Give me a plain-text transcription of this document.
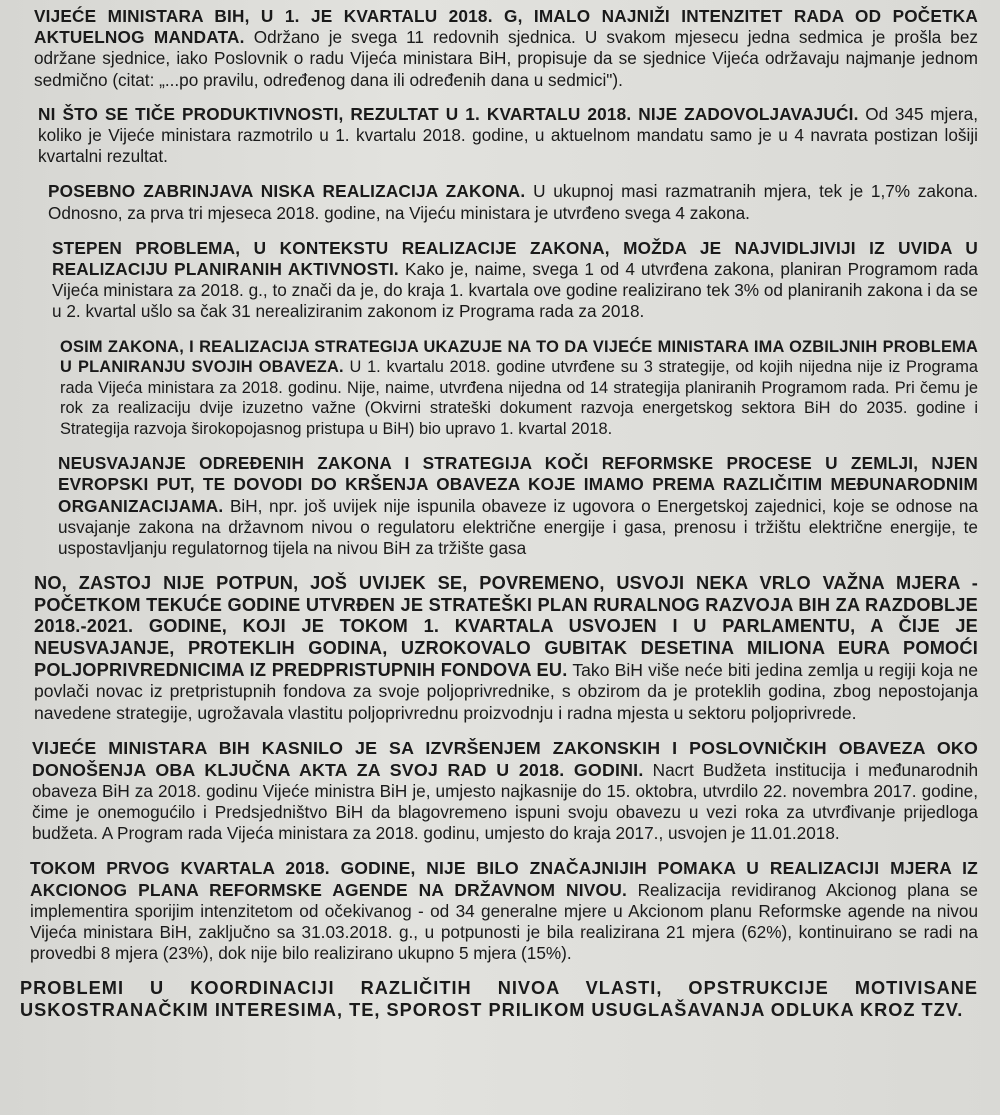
VIJEĆE MINISTARA BIH, U 1. JE KVARTALU 2018. G, IMALO NAJNIŽI INTENZITET RADA OD POČETKA AKTUELNOG MANDATA. Održano je svega 11 redovnih sjednica. U svakom mjesecu jedna sedmica je prošla bez održane sjednice, iako Poslovnik o radu Vijeća ministara BiH, propisuje da se sjednice Vijeća održavaju najmanje jednom sedmično (citat: „...po pravilu, određenog dana ili određenih dana u sedmici").

NI ŠTO SE TIČE PRODUKTIVNOSTI, REZULTAT U 1. KVARTALU 2018. NIJE ZADOVOLJAVAJUĆI. Od 345 mjera, koliko je Vijeće ministara razmotrilo u 1. kvartalu 2018. godine, u aktuelnom mandatu samo je u 4 navrata postizan lošiji kvartalni rezultat.

POSEBNO ZABRINJAVA NISKA REALIZACIJA ZAKONA. U ukupnoj masi razmatranih mjera, tek je 1,7% zakona. Odnosno, za prva tri mjeseca 2018. godine, na Vijeću ministara je utvrđeno svega 4 zakona.

STEPEN PROBLEMA, U KONTEKSTU REALIZACIJE ZAKONA, MOŽDA JE NAJVIDLJIVIJI IZ UVIDA U REALIZACIJU PLANIRANIH AKTIVNOSTI. Kako je, naime, svega 1 od 4 utvrđena zakona, planiran Programom rada Vijeća ministara za 2018. g., to znači da je, do kraja 1. kvartala ove godine realizirano tek 3% od planiranih zakona i da se u 2. kvartal ušlo sa čak 31 nerealiziranim zakonom iz Programa rada za 2018.

OSIM ZAKONA, I REALIZACIJA STRATEGIJA UKAZUJE NA TO DA VIJEĆE MINISTARA IMA OZBILJNIH PROBLEMA U PLANIRANJU SVOJIH OBAVEZA. U 1. kvartalu 2018. godine utvrđene su 3 strategije, od kojih nijedna nije iz Programa rada Vijeća ministara za 2018. godinu. Nije, naime, utvrđena nijedna od 14 strategija planiranih Programom rada. Pri čemu je rok za realizaciju dvije izuzetno važne (Okvirni strateški dokument razvoja energetskog sektora BiH do 2035. godine i Strategija razvoja širokopojasnog pristupa u BiH) bio upravo 1. kvartal 2018.

NEUSVAJANJE ODREĐENIH ZAKONA I STRATEGIJA KOČI REFORMSKE PROCESE U ZEMLJI, NJEN EVROPSKI PUT, TE DOVODI DO KRŠENJA OBAVEZA KOJE IMAMO PREMA RAZLIČITIM MEĐUNARODNIM ORGANIZACIJAMA. BiH, npr. još uvijek nije ispunila obaveze iz ugovora o Energetskoj zajednici, koje se odnose na usvajanje zakona na državnom nivou o regulatoru električne energije i gasa, prenosu i tržištu električne energije, te uspostavljanju regulatornog tijela na nivou BiH za tržište gasa

NO, ZASTOJ NIJE POTPUN, JOŠ UVIJEK SE, POVREMENO, USVOJI NEKA VRLO VAŽNA MJERA - POČETKOM TEKUĆE GODINE UTVRĐEN JE STRATEŠKI PLAN RURALNOG RAZVOJA BIH ZA RAZDOBLJE 2018.-2021. GODINE, KOJI JE TOKOM 1. KVARTALA USVOJEN I U PARLAMENTU, A ČIJE JE NEUSVAJANJE, PROTEKLIH GODINA, UZROKOVALO GUBITAK DESETINA MILIONA EURA POMOĆI POLJOPRIVREDNICIMA IZ PREDPRISTUPNIH FONDOVA EU. Tako BiH više neće biti jedina zemlja u regiji koja ne povlači novac iz pretpristupnih fondova za svoje poljoprivrednike, s obzirom da je proteklih godina, zbog nepostojanja navedene strategije, ugrožavala vlastitu poljoprivrednu proizvodnju i radna mjesta u sektoru poljoprivrede.

VIJEĆE MINISTARA BIH KASNILO JE SA IZVRŠENJEM ZAKONSKIH I POSLOVNIČKIH OBAVEZA OKO DONOŠENJA OBA KLJUČNA AKTA ZA SVOJ RAD U 2018. GODINI. Nacrt Budžeta institucija i međunarodnih obaveza BiH za 2018. godinu Vijeće ministra BiH je, umjesto najkasnije do 15. oktobra, utvrdilo 22. novembra 2017. godine, čime je onemogućilo i Predsjedništvo BiH da blagovremeno ispuni svoju obavezu u vezi roka za utvrđivanje prijedloga budžeta. A Program rada Vijeća ministara za 2018. godinu, umjesto do kraja 2017., usvojen je 11.01.2018.

TOKOM PRVOG KVARTALA 2018. GODINE, NIJE BILO ZNAČAJNIJIH POMAKA U REALIZACIJI MJERA IZ AKCIONOG PLANA REFORMSKE AGENDE NA DRŽAVNOM NIVOU. Realizacija revidiranog Akcionog plana se implementira sporijim intenzitetom od očekivanog - od 34 generalne mjere u Akcionom planu Reformske agende na nivou Vijeća ministara BiH, zaključno sa 31.03.2018. g., u potpunosti je bila realizirana 21 mjera (62%), kontinuirano se radi na provedbi 8 mjera (23%), dok nije bilo realizirano ukupno 5 mjera (15%).

PROBLEMI U KOORDINACIJI RAZLIČITIH NIVOA VLASTI, OPSTRUKCIJE MOTIVISANE USKOSTRANAČKIM INTERESIMA, TE, SPOROST PRILIKOM USUGLAŠAVANJA ODLUKA KROZ TZV.
